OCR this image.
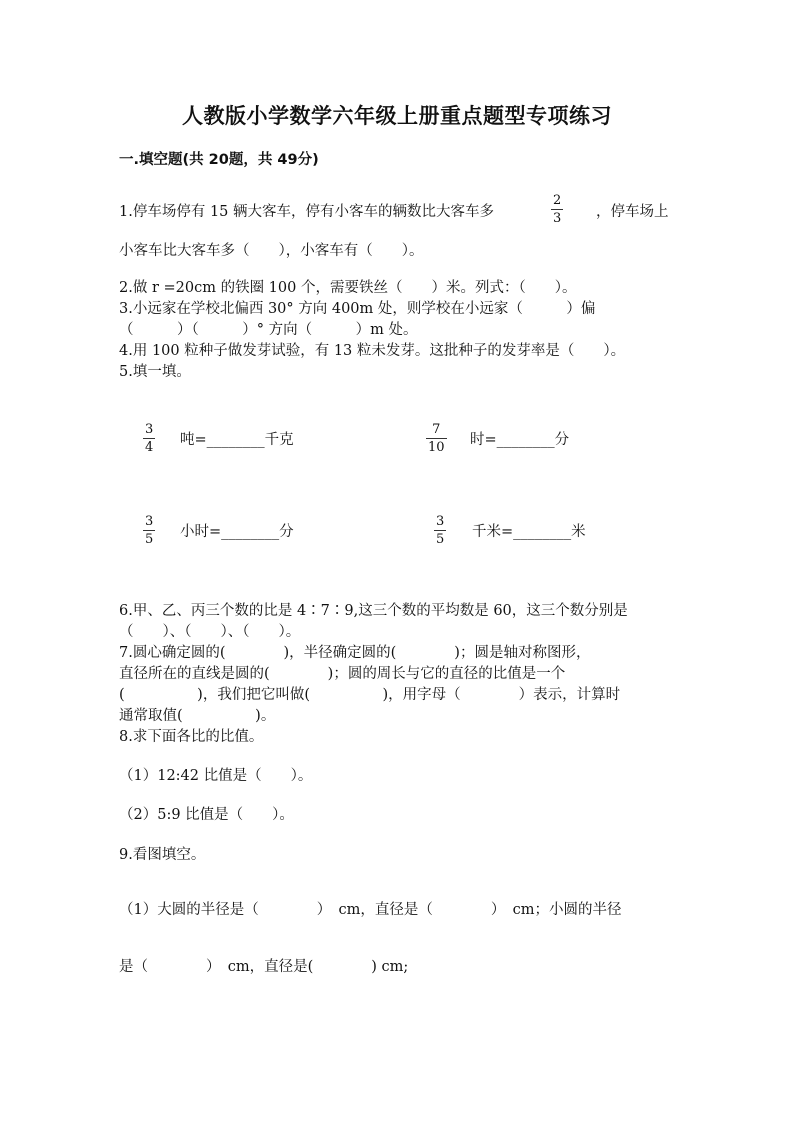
人教版小学数学六年级上册重点题型专项练习
一.填空题(共 20题，共 49分)
1.停车场停有 15 辆大客车，停有小客车的辆数比大客车多
2
3 ，停车场上
小客车比大客车多（　　），小客车有（　　）。
2.做 r =20cm 的铁圈 100 个，需要铁丝（　　）米。列式：（　　）。
3.小远家在学校北偏西 30° 方向 400m 处，则学校在小远家（　　　）偏
（　　　）（　　　）° 方向（　　　）m 处。
4.用 100 粒种子做发芽试验，有 13 粒未发芽。这批种子的发芽率是（　　）。
5.填一填。
3
4 吨=________千克
7
10 时=________分
3
5 小时=________分
3
5 千米=________米
6.甲、乙、丙三个数的比是 4∶7∶9,这三个数的平均数是 60，这三个数分别是
（　　）、（　　）、（　　）。
7.圆心确定圆的(　　　　)，半径确定圆的(　　　　)；圆是轴对称图形，
直径所在的直线是圆的(　　　　)；圆的周长与它的直径的比值是一个
(　　　　　)，我们把它叫做(　　　　　)，用字母（　　　　）表示，计算时
通常取值(　　　　　)。
8.求下面各比的比值。
（1）12:42 比值是（　　）。
（2）5:9 比值是（　　）。
9.看图填空。
（1）大圆的半径是（　　　　）　cm，直径是（　　　　）　cm；小圆的半径
是（　　　　）　cm，直径是(　　　　) cm;
